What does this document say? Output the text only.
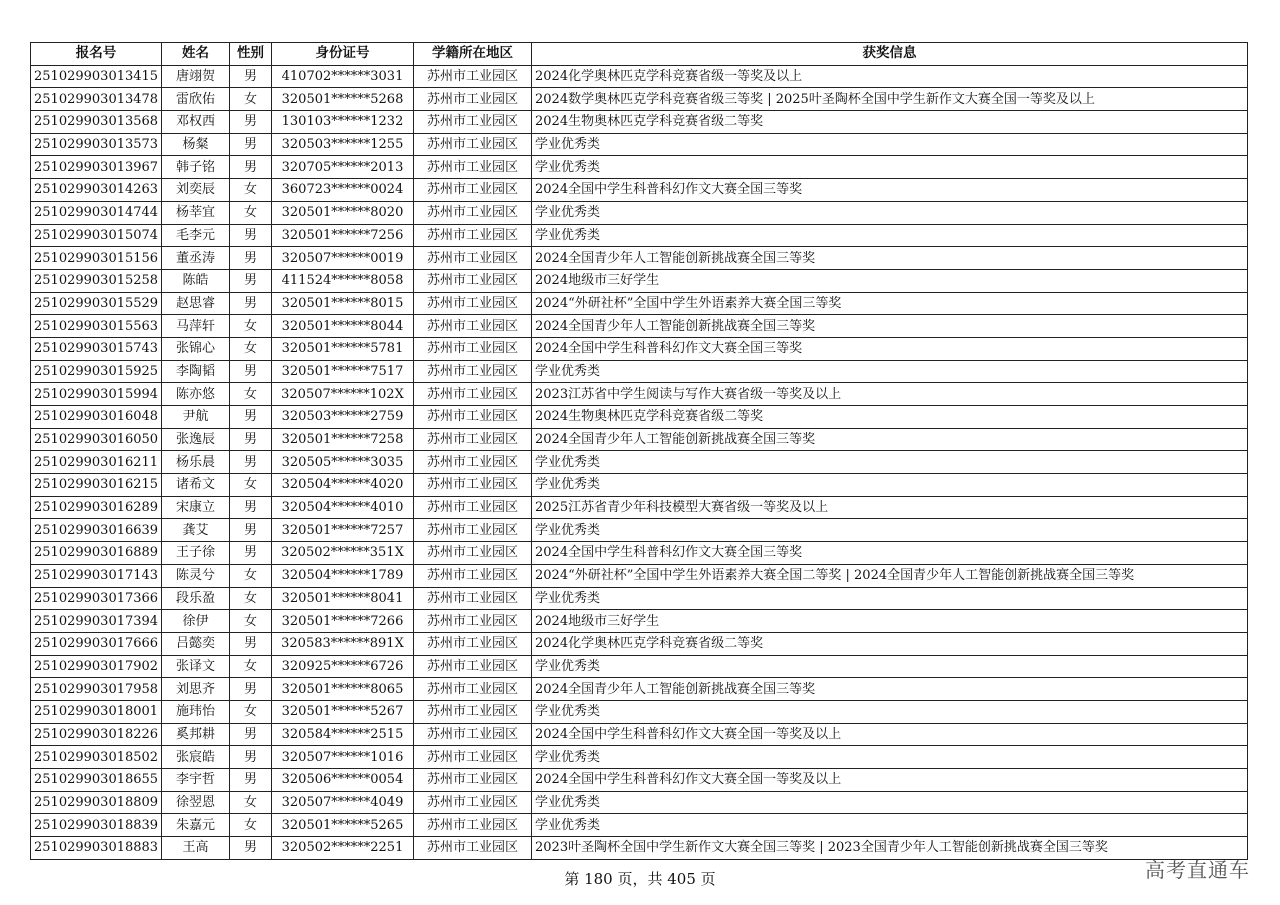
报名号	姓名	性别	身份证号	学籍所在地区	获奖信息
251029903013415	唐翊贺	男	410702******3031	苏州市工业园区	2024化学奥林匹克学科竞赛省级一等奖及以上
251029903013478	雷欣佑	女	320501******5268	苏州市工业园区	2024数学奥林匹克学科竞赛省级三等奖 | 2025叶圣陶杯全国中学生新作文大赛全国一等奖及以上
251029903013568	邓权西	男	130103******1232	苏州市工业园区	2024生物奥林匹克学科竞赛省级二等奖
251029903013573	杨粲	男	320503******1255	苏州市工业园区	学业优秀类
251029903013967	韩子铭	男	320705******2013	苏州市工业园区	学业优秀类
251029903014263	刘奕辰	女	360723******0024	苏州市工业园区	2024全国中学生科普科幻作文大赛全国三等奖
251029903014744	杨莘宜	女	320501******8020	苏州市工业园区	学业优秀类
251029903015074	毛李元	男	320501******7256	苏州市工业园区	学业优秀类
251029903015156	董丞涛	男	320507******0019	苏州市工业园区	2024全国青少年人工智能创新挑战赛全国三等奖
251029903015258	陈皓	男	411524******8058	苏州市工业园区	2024地级市三好学生
251029903015529	赵思睿	男	320501******8015	苏州市工业园区	2024“外研社杯”全国中学生外语素养大赛全国三等奖
251029903015563	马萍轩	女	320501******8044	苏州市工业园区	2024全国青少年人工智能创新挑战赛全国三等奖
251029903015743	张锦心	女	320501******5781	苏州市工业园区	2024全国中学生科普科幻作文大赛全国三等奖
251029903015925	李陶韬	男	320501******7517	苏州市工业园区	学业优秀类
251029903015994	陈亦悠	女	320507******102X	苏州市工业园区	2023江苏省中学生阅读与写作大赛省级一等奖及以上
251029903016048	尹航	男	320503******2759	苏州市工业园区	2024生物奥林匹克学科竞赛省级二等奖
251029903016050	张逸辰	男	320501******7258	苏州市工业园区	2024全国青少年人工智能创新挑战赛全国三等奖
251029903016211	杨乐晨	男	320505******3035	苏州市工业园区	学业优秀类
251029903016215	诸希文	女	320504******4020	苏州市工业园区	学业优秀类
251029903016289	宋康立	男	320504******4010	苏州市工业园区	2025江苏省青少年科技模型大赛省级一等奖及以上
251029903016639	龚艾	男	320501******7257	苏州市工业园区	学业优秀类
251029903016889	王子徐	男	320502******351X	苏州市工业园区	2024全国中学生科普科幻作文大赛全国三等奖
251029903017143	陈灵兮	女	320504******1789	苏州市工业园区	2024“外研社杯”全国中学生外语素养大赛全国二等奖 | 2024全国青少年人工智能创新挑战赛全国三等奖
251029903017366	段乐盈	女	320501******8041	苏州市工业园区	学业优秀类
251029903017394	徐伊	女	320501******7266	苏州市工业园区	2024地级市三好学生
251029903017666	吕懿奕	男	320583******891X	苏州市工业园区	2024化学奥林匹克学科竞赛省级二等奖
251029903017902	张译文	女	320925******6726	苏州市工业园区	学业优秀类
251029903017958	刘思齐	男	320501******8065	苏州市工业园区	2024全国青少年人工智能创新挑战赛全国三等奖
251029903018001	施玮怡	女	320501******5267	苏州市工业园区	学业优秀类
251029903018226	奚邦耕	男	320584******2515	苏州市工业园区	2024全国中学生科普科幻作文大赛全国一等奖及以上
251029903018502	张宸皓	男	320507******1016	苏州市工业园区	学业优秀类
251029903018655	李宇哲	男	320506******0054	苏州市工业园区	2024全国中学生科普科幻作文大赛全国一等奖及以上
251029903018809	徐翌恩	女	320507******4049	苏州市工业园区	学业优秀类
251029903018839	朱嘉元	女	320501******5265	苏州市工业园区	学业优秀类
251029903018883	王高	男	320502******2251	苏州市工业园区	2023叶圣陶杯全国中学生新作文大赛全国三等奖 | 2023全国青少年人工智能创新挑战赛全国三等奖
第 180 页，共 405 页	高考直通车
